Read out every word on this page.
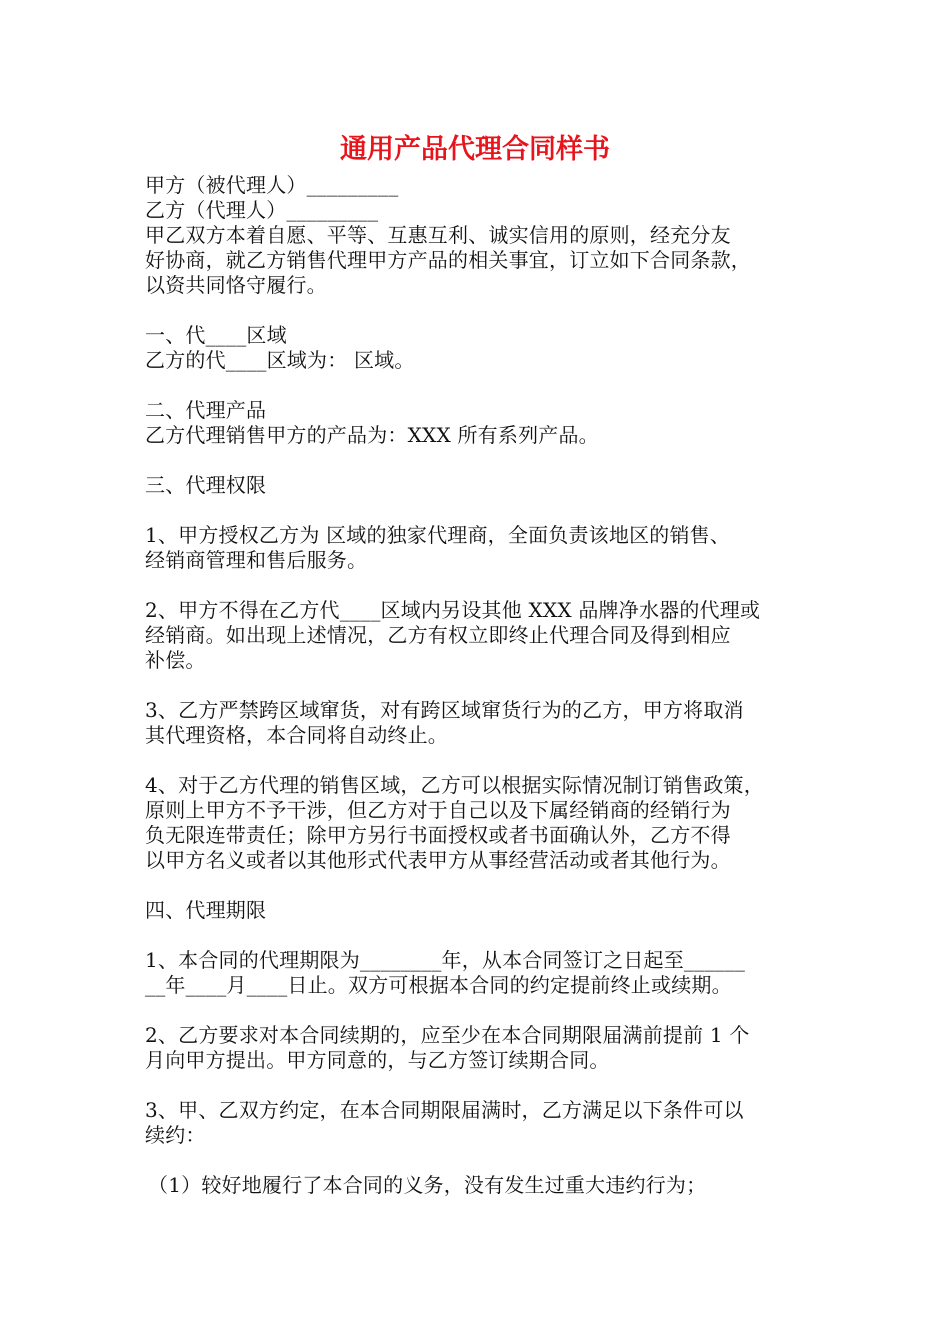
通用产品代理合同样书

甲方（被代理人）_________

乙方（代理人）_________

甲乙双方本着自愿、平等、互惠互利、诚实信用的原则，经充分友

好协商，就乙方销售代理甲方产品的相关事宜，订立如下合同条款，

以资共同恪守履行。

一、代____区域

乙方的代____区域为： 区域。

二、代理产品

乙方代理销售甲方的产品为：XXX 所有系列产品。

三、代理权限

1、甲方授权乙方为 区域的独家代理商，全面负责该地区的销售、

经销商管理和售后服务。

2、甲方不得在乙方代____区域内另设其他 XXX 品牌净水器的代理或

经销商。如出现上述情况，乙方有权立即终止代理合同及得到相应

补偿。

3、乙方严禁跨区域窜货，对有跨区域窜货行为的乙方，甲方将取消

其代理资格，本合同将自动终止。

4、对于乙方代理的销售区域，乙方可以根据实际情况制订销售政策，

原则上甲方不予干涉，但乙方对于自己以及下属经销商的经销行为

负无限连带责任；除甲方另行书面授权或者书面确认外，乙方不得

以甲方名义或者以其他形式代表甲方从事经营活动或者其他行为。

四、代理期限

1、本合同的代理期限为________年，从本合同签订之日起至______

__年____月____日止。双方可根据本合同的约定提前终止或续期。

2、乙方要求对本合同续期的，应至少在本合同期限届满前提前 1 个

月向甲方提出。甲方同意的，与乙方签订续期合同。

3、甲、乙双方约定，在本合同期限届满时，乙方满足以下条件可以

续约：

（1）较好地履行了本合同的义务，没有发生过重大违约行为；
